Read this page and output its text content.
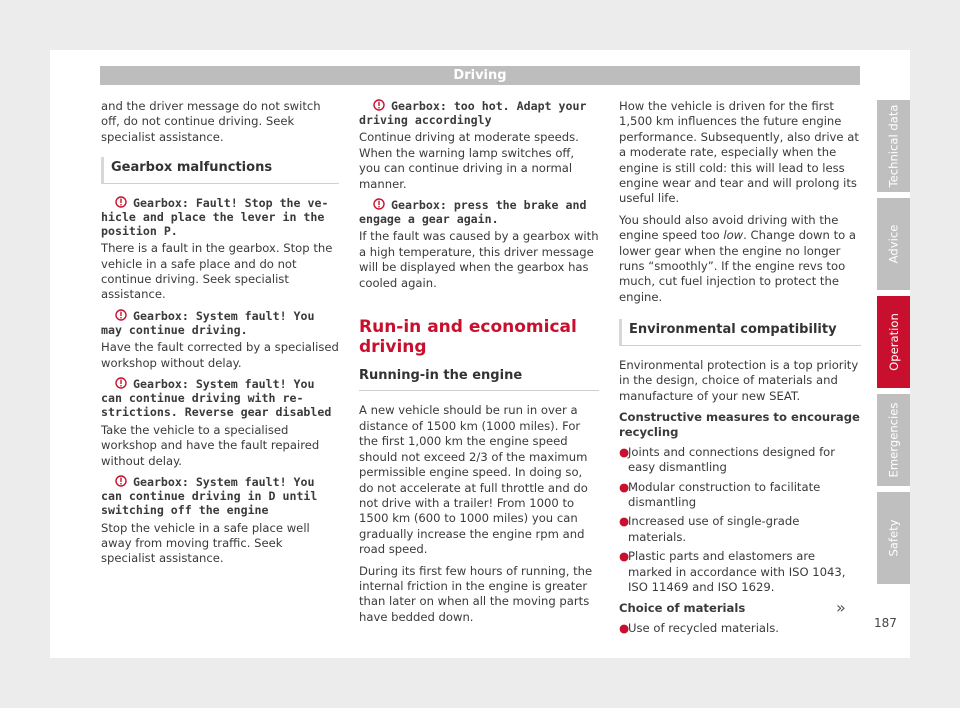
Driving

and the driver message do not switch off, do not continue driving. Seek specialist assistance.

Gearbox malfunctions
Gearbox: Fault! Stop the vehicle and place the lever in the position P.

There is a fault in the gearbox. Stop the vehicle in a safe place and do not continue driving. Seek specialist assistance.

Gearbox: System fault! You may continue driving.

Have the fault corrected by a specialised workshop without delay.

Gearbox: System fault! You can continue driving with restrictions. Reverse gear disabled

Take the vehicle to a specialised workshop and have the fault repaired without delay.

Gearbox: System fault! You can continue driving in D until switching off the engine

Stop the vehicle in a safe place well away from moving traffic. Seek specialist assistance.

Gearbox: too hot. Adapt your driving accordingly

Continue driving at moderate speeds. When the warning lamp switches off, you can continue driving in a normal manner.

Gearbox: press the brake and engage a gear again.

If the fault was caused by a gearbox with a high temperature, this driver message will be displayed when the gearbox has cooled again.

Run-in and economical driving
Running-in the engine

A new vehicle should be run in over a distance of 1500 km (1000 miles). For the first 1,000 km the engine speed should not exceed 2/3 of the maximum permissible engine speed. In doing so, do not accelerate at full throttle and do not drive with a trailer! From 1000 to 1500 km (600 to 1000 miles) you can gradually increase the engine rpm and road speed.

During its first few hours of running, the internal friction in the engine is greater than later on when all the moving parts have bedded down.

How the vehicle is driven for the first 1,500 km influences the future engine performance. Subsequently, also drive at a moderate rate, especially when the engine is still cold: this will lead to less engine wear and tear and will prolong its useful life.

You should also avoid driving with the engine speed too low. Change down to a lower gear when the engine no longer runs “smoothly”. If the engine revs too much, cut fuel injection to protect the engine.

Environmental compatibility

Environmental protection is a top priority in the design, choice of materials and manufacture of your new SEAT.

Constructive measures to encourage recycling
●
Joints and connections designed for easy dismantling
●
Modular construction to facilitate dismantling
●
Increased use of single-grade materials.
●
Plastic parts and elastomers are marked in accordance with ISO 1043, ISO 11469 and ISO 1629.
Choice of materials
●
Use of recycled materials.
»
187
Technical data
Advice
Operation
Emergencies
Safety
